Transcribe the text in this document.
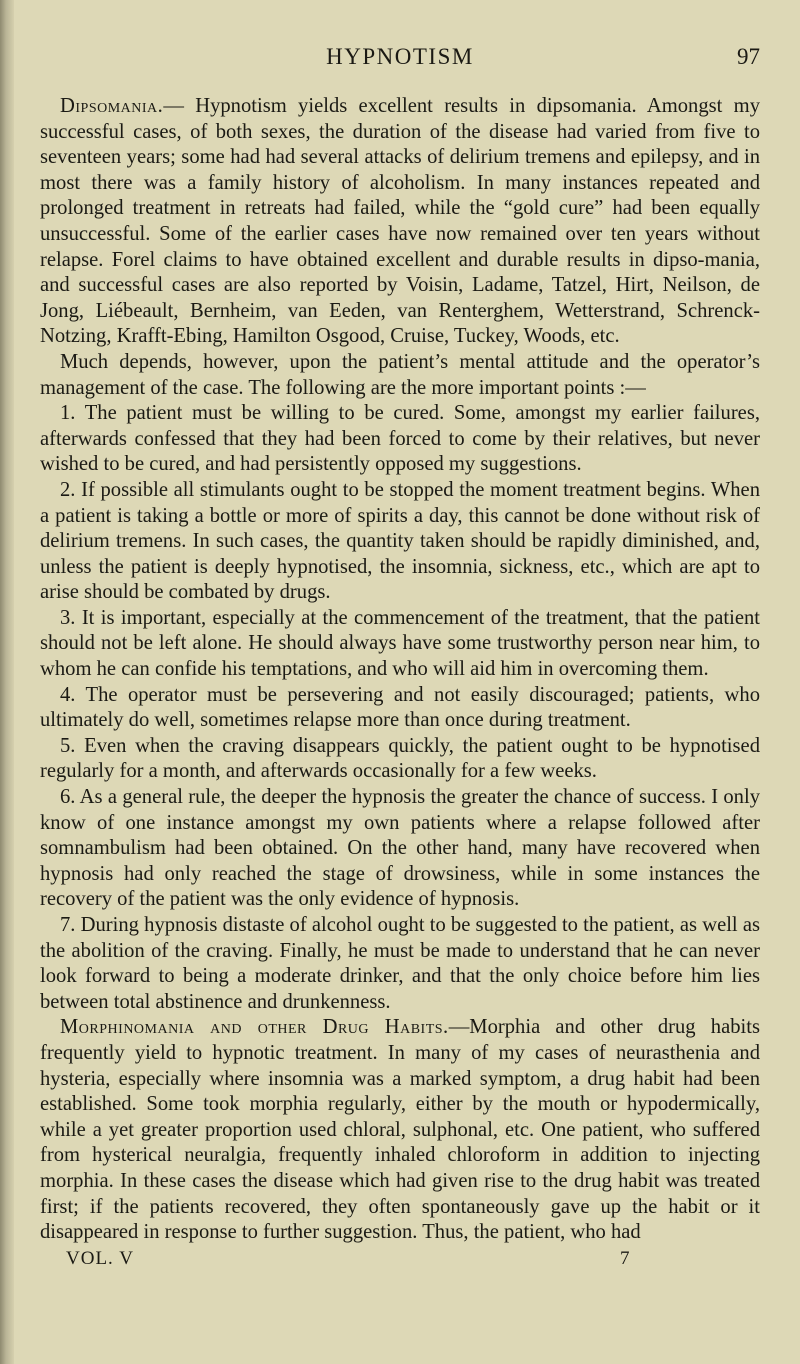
HYPNOTISM	97

Dipsomania.— Hypnotism yields excellent results in dipsomania. Amongst my successful cases, of both sexes, the duration of the disease had varied from five to seventeen years; some had had several attacks of delirium tremens and epilepsy, and in most there was a family history of alcoholism. In many instances repeated and prolonged treatment in retreats had failed, while the “gold cure” had been equally unsuccessful. Some of the earlier cases have now remained over ten years without relapse. Forel claims to have obtained excellent and durable results in dipso-mania, and successful cases are also reported by Voisin, Ladame, Tatzel, Hirt, Neilson, de Jong, Liébeault, Bernheim, van Eeden, van Renterghem, Wetterstrand, Schrenck-Notzing, Krafft-Ebing, Hamilton Osgood, Cruise, Tuckey, Woods, etc.

Much depends, however, upon the patient’s mental attitude and the operator’s management of the case. The following are the more important points :—

1. The patient must be willing to be cured. Some, amongst my earlier failures, afterwards confessed that they had been forced to come by their relatives, but never wished to be cured, and had persistently opposed my suggestions.

2. If possible all stimulants ought to be stopped the moment treatment begins. When a patient is taking a bottle or more of spirits a day, this cannot be done without risk of delirium tremens. In such cases, the quantity taken should be rapidly diminished, and, unless the patient is deeply hypnotised, the insomnia, sickness, etc., which are apt to arise should be combated by drugs.

3. It is important, especially at the commencement of the treatment, that the patient should not be left alone. He should always have some trustworthy person near him, to whom he can confide his temptations, and who will aid him in overcoming them.

4. The operator must be persevering and not easily discouraged; patients, who ultimately do well, sometimes relapse more than once during treatment.

5. Even when the craving disappears quickly, the patient ought to be hypnotised regularly for a month, and afterwards occasionally for a few weeks.

6. As a general rule, the deeper the hypnosis the greater the chance of success. I only know of one instance amongst my own patients where a relapse followed after somnambulism had been obtained. On the other hand, many have recovered when hypnosis had only reached the stage of drowsiness, while in some instances the recovery of the patient was the only evidence of hypnosis.

7. During hypnosis distaste of alcohol ought to be suggested to the patient, as well as the abolition of the craving. Finally, he must be made to understand that he can never look forward to being a moderate drinker, and that the only choice before him lies between total abstinence and drunkenness.

Morphinomania and other Drug Habits.—Morphia and other drug habits frequently yield to hypnotic treatment. In many of my cases of neurasthenia and hysteria, especially where insomnia was a marked symptom, a drug habit had been established. Some took morphia regularly, either by the mouth or hypodermically, while a yet greater proportion used chloral, sulphonal, etc. One patient, who suffered from hysterical neuralgia, frequently inhaled chloroform in addition to injecting morphia. In these cases the disease which had given rise to the drug habit was treated first; if the patients recovered, they often spontaneously gave up the habit or it disappeared in response to further suggestion. Thus, the patient, who had

VOL. V	7
